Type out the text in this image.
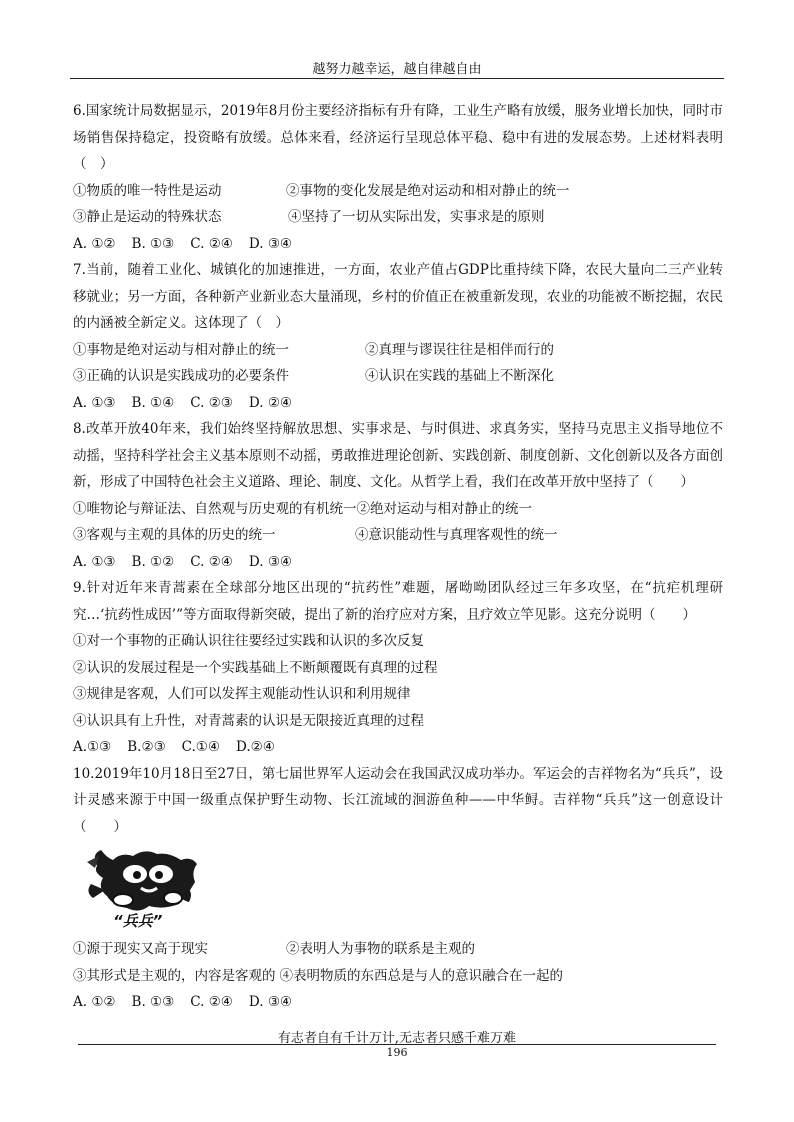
越努力越幸运，越自律越自由
6.国家统计局数据显示，2019年8月份主要经济指标有升有降，工业生产略有放缓，服务业增长加快，同时市场销售保持稳定，投资略有放缓。总体来看，经济运行呈现总体平稳、稳中有进的发展态势。上述材料表明（　）
①物质的唯一特性是运动	②事物的变化发展是绝对运动和相对静止的统一
③静止是运动的特殊状态	④坚持了一切从实际出发，实事求是的原则
A. ①② B. ①③ C. ②④ D. ③④
7.当前，随着工业化、城镇化的加速推进，一方面，农业产值占GDP比重持续下降，农民大量向二三产业转移就业；另一方面，各种新产业新业态大量涌现，乡村的价值正在被重新发现，农业的功能被不断挖掘，农民的内涵被全新定义。这体现了（　）
①事物是绝对运动与相对静止的统一	②真理与谬误往往是相伴而行的
③正确的认识是实践成功的必要条件	④认识在实践的基础上不断深化
A. ①③ B. ①④ C. ②③ D. ②④
8.改革开放40年来，我们始终坚持解放思想、实事求是、与时俱进、求真务实，坚持马克思主义指导地位不动摇，坚持科学社会主义基本原则不动摇，勇敢推进理论创新、实践创新、制度创新、文化创新以及各方面创新，形成了中国特色社会主义道路、理论、制度、文化。从哲学上看，我们在改革开放中坚持了（　　）
①唯物论与辩证法、自然观与历史观的有机统一 ②绝对运动与相对静止的统一
③客观与主观的具体的历史的统一	④意识能动性与真理客观性的统一
A. ①③ B. ①② C. ②④ D. ③④
9.针对近年来青蒿素在全球部分地区出现的“抗药性”难题，屠呦呦团队经过三年多攻坚，在“抗疟机理研究…‘抗药性成因’”等方面取得新突破，提出了新的治疗应对方案，且疗效立竿见影。这充分说明（　　）
①对一个事物的正确认识往往要经过实践和认识的多次反复
②认识的发展过程是一个实践基础上不断颠覆既有真理的过程
③规律是客观，人们可以发挥主观能动性认识和利用规律
④认识具有上升性，对青蒿素的认识是无限接近真理的过程
A.①③ B.②③ C.①④ D.②④
10.2019年10月18日至27日，第七届世界军人运动会在我国武汉成功举办。军运会的吉祥物名为“兵兵”，设计灵感来源于中国一级重点保护野生动物、长江流域的洄游鱼种——中华鲟。吉祥物“兵兵”这一创意设计（　　）
“兵兵”
①源于现实又高于现实	②表明人为事物的联系是主观的
③其形式是主观的，内容是客观的 ④表明物质的东西总是与人的意识融合在一起的
A. ①② B. ①③ C. ②④ D. ③④
有志者自有千计万计,无志者只感千难万难
196
